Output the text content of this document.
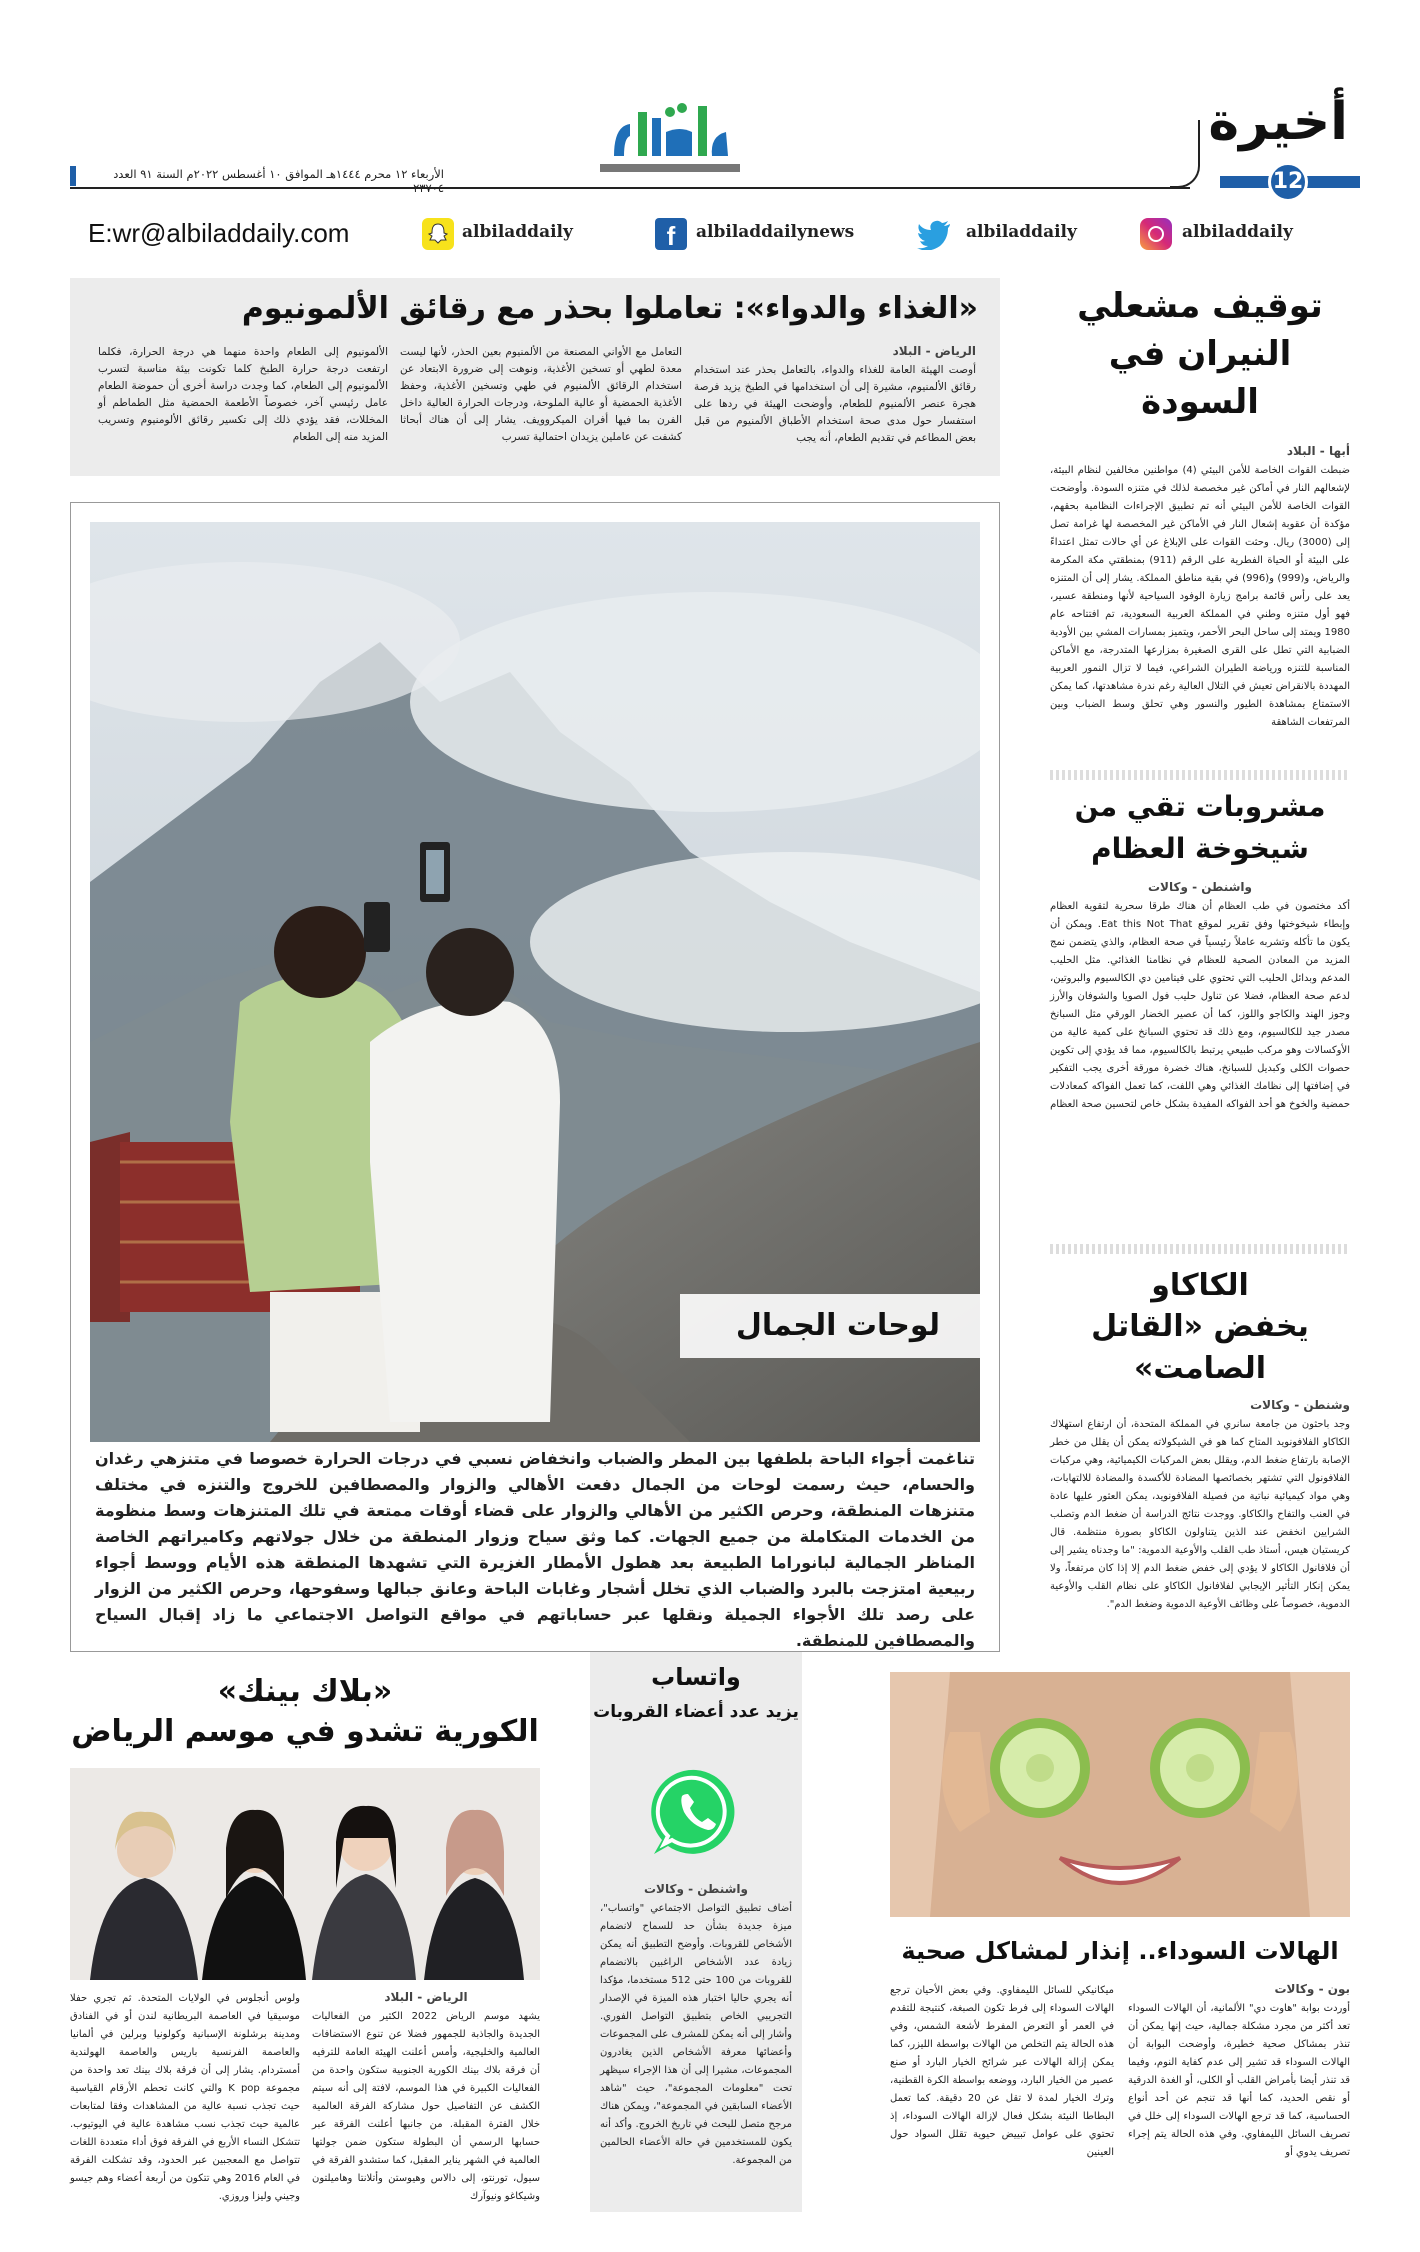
أخيرة
12
الأربعاء ١٢ محرم ١٤٤٤هـ الموافق ١٠ أغسطس ٢٠٢٢م السنة ٩١ العدد ٢٣٧٠٤
E:wr@albiladdaily.com	albiladdaily	f	albiladdailynews	albiladdaily	albiladdaily
«الغذاء والدواء»: تعاملوا بحذر مع رقائق الألمونيوم
الرياض - البلاد

أوصت الهيئة العامة للغذاء والدواء، بالتعامل بحذر عند استخدام رقائق الألمنيوم، مشيرة إلى أن استخدامها في الطبخ يزيد فرصة هجرة عنصر الألمنيوم للطعام، وأوضحت الهيئة في ردها على استفسار حول مدى صحة استخدام الأطباق الألمنيوم من قبل بعض المطاعم في تقديم الطعام، أنه يجب

التعامل مع الأواني المصنعة من الألمنيوم بعين الحذر، لأنها ليست معدة لطهي أو تسخين الأغذية، ونوهت إلى ضرورة الابتعاد عن استخدام الرقائق الألمنيوم في طهي وتسخين الأغذية، وحفظ الأغذية الحمضية أو عالية الملوحة، ودرجات الحرارة العالية داخل الفرن بما فيها أفران الميكروويف. يشار إلى أن هناك أبحاثا كشفت عن عاملين يزيدان احتمالية تسرب

الألمونيوم إلى الطعام واحدة منهما هي درجة الحرارة، فكلما ارتفعت درجة حرارة الطبخ كلما تكونت بيئة مناسبة لتسرب الألمونيوم إلى الطعام، كما وجدت دراسة أخرى أن حموضة الطعام عامل رئيسي آخر، خصوصاً الأطعمة الحمضية مثل الطماطم أو المخللات، فقد يؤدي ذلك إلى تكسير رقائق الألومنيوم وتسريب المزيد منه إلى الطعام

لوحات الجمال

تناغمت أجواء الباحة بلطفها بين المطر والضباب وانخفاض نسبي في درجات الحرارة خصوصا في متنزهي رغدان والحسام، حيث رسمت لوحات من الجمال دفعت الأهالي والزوار والمصطافين للخروج والتنزه في مختلف متنزهات المنطقة، وحرص الكثير من الأهالي والزوار على قضاء أوقات ممتعة في تلك المتنزهات وسط منظومة من الخدمات المتكاملة من جميع الجهات. كما وثق سياح وزوار المنطقة من خلال جولاتهم وكاميراتهم الخاصة المناظر الجمالية لبانوراما الطبيعة بعد هطول الأمطار الغزيرة التي تشهدها المنطقة هذه الأيام ووسط أجواء ربيعية امتزجت بالبرد والضباب الذي تخلل أشجار وغابات الباحة وعانق جبالها وسفوحها، وحرص الكثير من الزوار على رصد تلك الأجواء الجميلة ونقلها عبر حساباتهم في مواقع التواصل الاجتماعي ما زاد إقبال السياح والمصطافين للمنطقة.

توقيف مشعلي النيران في السودة
أبها - البلاد

ضبطت القوات الخاصة للأمن البيئي (4) مواطنين مخالفين لنظام البيئة، لإشعالهم النار في أماكن غير مخصصة لذلك في متنزه السودة. وأوضحت القوات الخاصة للأمن البيئي أنه تم تطبيق الإجراءات النظامية بحقهم، مؤكدة أن عقوبة إشعال النار في الأماكن غير المخصصة لها غرامة تصل إلى (3000) ريال. وحثت القوات على الإبلاغ عن أي حالات تمثل اعتداءً على البيئة أو الحياة الفطرية على الرقم (911) بمنطقتي مكة المكرمة والرياض، و(999) و(996) في بقية مناطق المملكة. يشار إلى أن المتنزه يعد على رأس قائمة برامج زيارة الوفود السياحية لأنها ومنطقة عسير، فهو أول متنزه وطني في المملكة العربية السعودية، تم افتتاحه عام 1980 ويمتد إلى ساحل البحر الأحمر، ويتميز بمسارات المشي بين الأودية الضبابية التي تطل على القرى الصغيرة بمزارعها المتدرجة، مع الأماكن المناسبة للتنزه ورياضة الطيران الشراعي، فيما لا تزال النمور العربية المهددة بالانقراض تعيش في التلال العالية رغم ندرة مشاهدتها، كما يمكن الاستمتاع بمشاهدة الطيور والنسور وهي تحلق وسط الضباب وبين المرتفعات الشاهقة

مشروبات تقي من شيخوخة العظام
واشنطن - وكالات

أكد مختصون في طب العظام أن هناك طرقا سحرية لتقوية العظام وإبطاء شيخوختها وفق تقرير لموقع Eat this Not That. ويمكن أن يكون ما تأكله وتشربه عاملاً رئيسياً في صحة العظام، والذي يتضمن نمج المزيد من المعادن الصحية للعظام في نظامنا الغذائي. مثل الحليب المدعم وبدائل الحليب التي تحتوي على فيتامين دي الكالسيوم والبروتين، لدعم صحة العظام، فضلا عن تناول حليب فول الصويا والشوفان والأرز وجوز الهند والكاجو واللوز، كما أن عصير الخضار الورقي مثل السبانخ مصدر جيد للكالسيوم، ومع ذلك قد تحتوي السبانخ على كمية عالية من الأوكسالات وهو مركب طبيعي يرتبط بالكالسيوم، مما قد يؤدي إلى تكوين حصوات الكلى وكبديل للسبانخ، هناك خضرة مورقة أخرى يجب التفكير في إضافتها إلى نظامك الغذائي وهي اللفت، كما تعمل الفواكه كمعادلات حمضية والخوخ هو أحد الفواكه المفيدة بشكل خاص لتحسين صحة العظام

الكاكاو
يخفض «القاتل الصامت»
وشنطن - وكالات

وجد باحثون من جامعة سانري في المملكة المتحدة، أن ارتفاع استهلاك الكاكاو الفلافونويد المتاح كما هو في الشيكولاته يمكن أن يقلل من خطر الإصابة بارتفاع ضغط الدم، ويقلل بعض المركبات الكيميائية، وهي مركبات الفلافونول التي تشتهر بخصائصها المضادة للأكسدة والمضادة للالتهابات، وهي مواد كيميائية نباتية من فصيلة الفلافونويد، يمكن العثور عليها عادة في العنب والتفاح والكاكاو. ووجدت نتائج الدراسة أن ضغط الدم وتصلب الشرايين انخفض عند الذين يتناولون الكاكاو بصورة منتظمة. قال كريستيان هيس، أستاذ طب القلب والأوعية الدموية: "ما وجدناه يشير إلى أن فلافانول الكاكاو لا يؤدي إلى خفض ضغط الدم إلا إذا كان مرتفعاً، ولا يمكن إنكار التأثير الإيجابي لفلافانول الكاكاو على نظام القلب والأوعية الدموية، خصوصاً على وظائف الأوعية الدموية وضغط الدم".

«بلاك بينك»
الكورية تشدو في موسم الرياض
الرياض - البلاد

يشهد موسم الرياض 2022 الكثير من الفعاليات الجديدة والجاذبة للجمهور فضلا عن تنوع الاستضافات العالمية والخليجية، وأمس أعلنت الهيئة العامة للترفيه أن فرقة بلاك بينك الكورية الجنوبية ستكون واحدة من الفعاليات الكبيرة في هذا الموسم، لافتة إلى أنه سيتم الكشف عن التفاصيل حول مشاركة الفرقة العالمية خلال الفترة المقبلة. من جانبها أعلنت الفرقة عبر حسابها الرسمي أن البطولة ستكون ضمن جولتها العالمية في الشهر يناير المقبل، كما ستشدو الفرقة في سيول، تورنتو، إلى دالاس وهيوستن وأتلانتا وهاميلتون وشيكاغو ونيوآرك

ولوس أنجلوس في الولايات المتحدة. ثم تجري حفلا موسيقيا في العاصمة البريطانية لندن أو في الفنادق ومدينة برشلونة الإسبانية وكولونيا وبرلين في ألمانيا والعاصمة الفرنسية باريس والعاصمة الهولندية أمستردام. يشار إلى أن فرقة بلاك بينك تعد واحدة من مجموعة K pop والتي كانت تحطم الأرقام القياسية حيث تجذب نسبة عالية من المشاهدات وفقا لمتابعات عالمية حيث تجذب نسب مشاهدة عالية في اليوتيوب. تتشكل النساء الأربع في الفرقة فوق أداء متعددة اللغات تتواصل مع المعجبين عبر الحدود، وقد تشكلت الفرقة في العام 2016 وهي تتكون من أربعة أعضاء وهم جيسو وجيني وليزا وروزي.

واتساب
يزيد عدد أعضاء القروبات
واشنطن - وكالات

أضاف تطبيق التواصل الاجتماعي "واتساب"، ميزة جديدة بشأن حد للسماح لانضمام الأشخاص للقروبات. وأوضح التطبيق أنه يمكن زيادة عدد الأشخاص الراغبين بالانضمام للقروبات من 100 حتى 512 مستخدما، مؤكدا أنه يجري حاليا اختبار هذه الميزة في الإصدار التجريبي الخاص بتطبيق التواصل الفوري. وأشار إلى أنه يمكن للمشرف على المجموعات وأعضائها معرفة الأشخاص الذين يغادرون المجموعات، مشيرا إلى أن هذا الإجراء سيظهر تحت "معلومات المجموعة"، حيث "شاهد الأعضاء السابقين في المجموعة"، ويمكن هناك مرجح متصل للبحث في تاريخ الخروج. وأكد أنه يكون للمستخدمين في حالة الأعضاء الحالمين من المجموعة.

الهالات السوداء.. إنذار لمشاكل صحية
بون - وكالات

أوردت بوابة "هاوت دي" الألمانية، أن الهالات السوداء تعد أكثر من مجرد مشكلة جمالية، حيث إنها يمكن أن تنذر بمشاكل صحية خطيرة، وأوضحت البوابة أن الهالات السوداء قد تشير إلى عدم كفاية النوم، وفيما قد تنذر أيضا بأمراض القلب أو الكلى، أو الغدة الدرقية أو نقص الحديد، كما أنها قد تنجم عن أحد أنواع الحساسية، كما قد ترجع الهالات السوداء إلى خلل في تصريف السائل الليمفاوي. وفي هذه الحالة يتم إجراء تصريف يدوي أو

ميكانيكي للسائل الليمفاوي. وفي بعض الأحيان ترجع الهالات السوداء إلى فرط تكون الصبغة، كنتيجة للتقدم في العمر أو التعرض المفرط لأشعة الشمس، وفي هذه الحالة يتم التخلص من الهالات بواسطة الليزر، كما يمكن إزالة الهالات عبر شرائح الخيار البارد أو صنع عصير من الخيار البارد، ووضعه بواسطة الكرة القطنية، وترك الخيار لمدة لا تقل عن 20 دقيقة. كما تعمل البطاطا النيئة بشكل فعال لإزالة الهالات السوداء، إذ تحتوي على عوامل تبييض حيوية تقلل السواد حول العينين
